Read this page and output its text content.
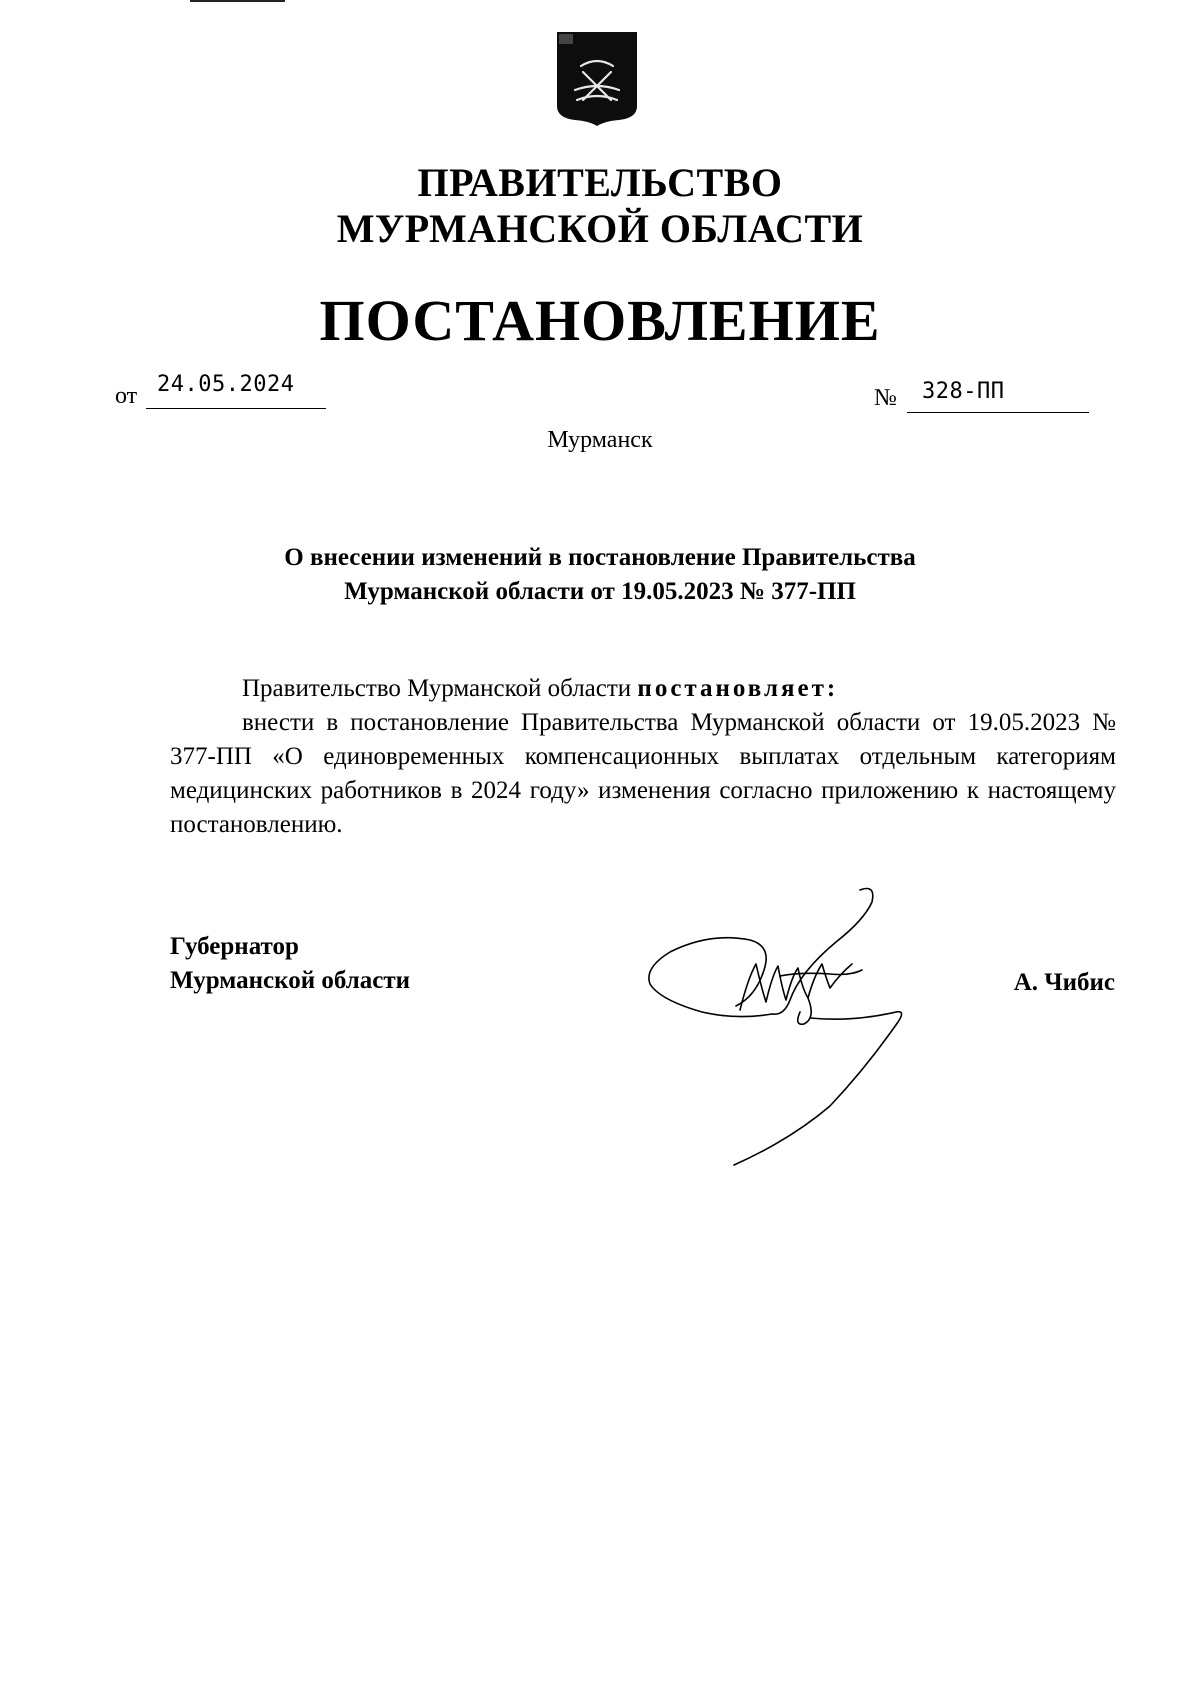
ПРАВИТЕЛЬСТВО
МУРМАНСКОЙ ОБЛАСТИ
ПОСТАНОВЛЕНИЕ
от 24.05.2024
№ 328-ПП
Мурманск
О внесении изменений в постановление Правительства
Мурманской области от 19.05.2023 № 377-ПП
Правительство Мурманской области постановляет:
внести в постановление Правительства Мурманской области от 19.05.2023 № 377-ПП «О единовременных компенсационных выплатах отдельным категориям медицинских работников в 2024 году» изменения согласно приложению к настоящему постановлению.
Губернатор
Мурманской области	А. Чибис
